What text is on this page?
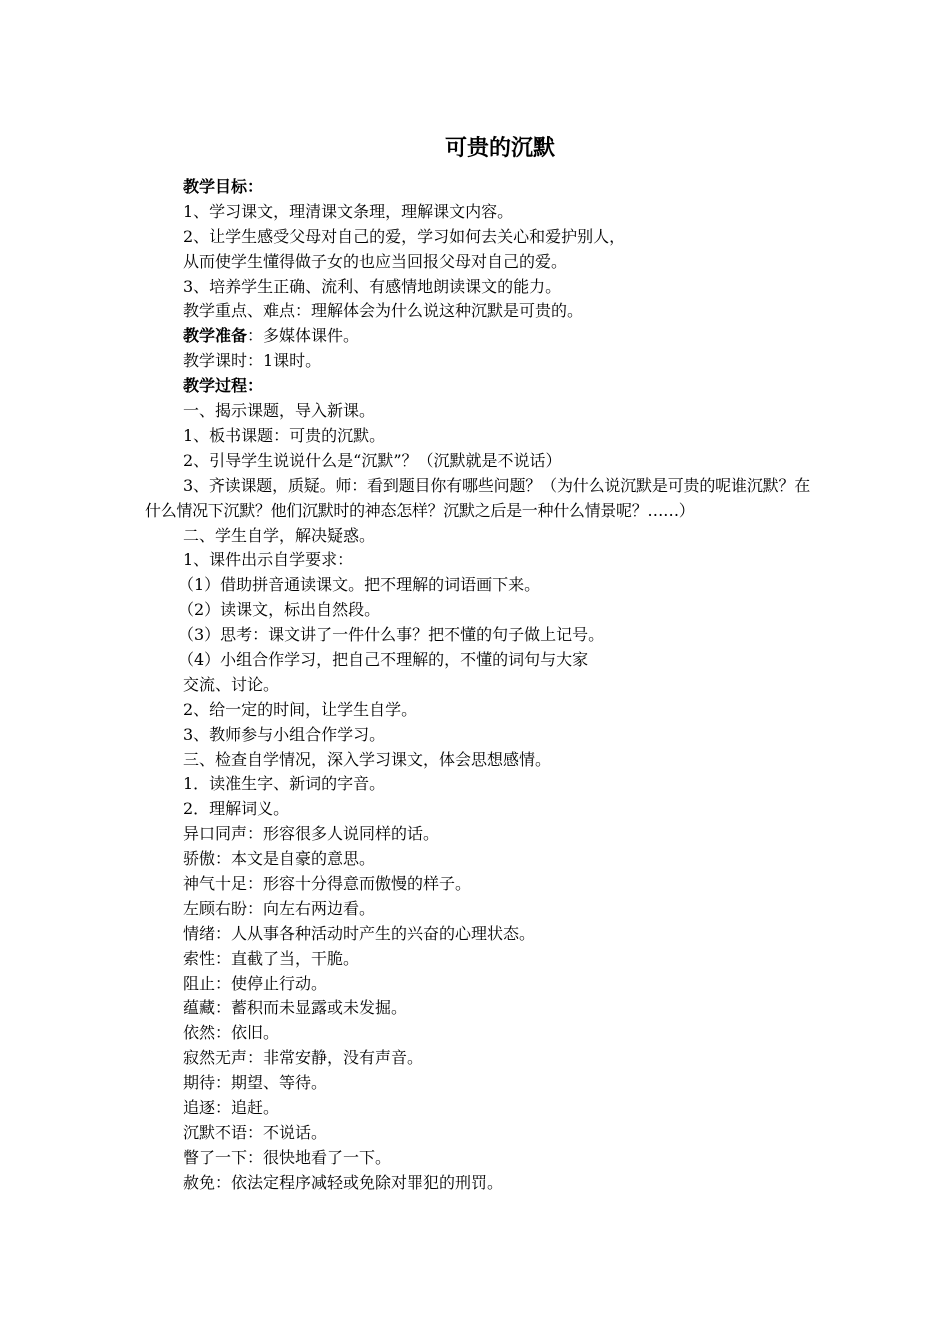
可贵的沉默
教学目标：
1、学习课文，理清课文条理，理解课文内容。
2、让学生感受父母对自己的爱，学习如何去关心和爱护别人，
从而使学生懂得做子女的也应当回报父母对自己的爱。
3、培养学生正确、流利、有感情地朗读课文的能力。
教学重点、难点：理解体会为什么说这种沉默是可贵的。
教学准备：多媒体课件。
教学课时：1课时。
教学过程：
一、揭示课题，导入新课。
1、板书课题：可贵的沉默。
2、引导学生说说什么是“沉默”？（沉默就是不说话）
3、齐读课题，质疑。师：看到题目你有哪些问题？（为什么说沉默是可贵的呢谁沉默？在什么情况下沉默？他们沉默时的神态怎样？沉默之后是一种什么情景呢？……）
二、学生自学，解决疑惑。
1、课件出示自学要求：
（1）借助拼音通读课文。把不理解的词语画下来。
（2）读课文，标出自然段。
（3）思考：课文讲了一件什么事？把不懂的句子做上记号。
（4）小组合作学习，把自己不理解的，不懂的词句与大家
交流、讨论。
2、给一定的时间，让学生自学。
3、教师参与小组合作学习。
三、检查自学情况，深入学习课文，体会思想感情。
1．读准生字、新词的字音。
2．理解词义。
异口同声：形容很多人说同样的话。
骄傲：本文是自豪的意思。
神气十足：形容十分得意而傲慢的样子。
左顾右盼：向左右两边看。
情绪：人从事各种活动时产生的兴奋的心理状态。
索性：直截了当，干脆。
阻止：使停止行动。
蕴藏：蓄积而未显露或未发掘。
依然：依旧。
寂然无声：非常安静，没有声音。
期待：期望、等待。
追逐：追赶。
沉默不语：不说话。
瞥了一下：很快地看了一下。
赦免：依法定程序减轻或免除对罪犯的刑罚。
